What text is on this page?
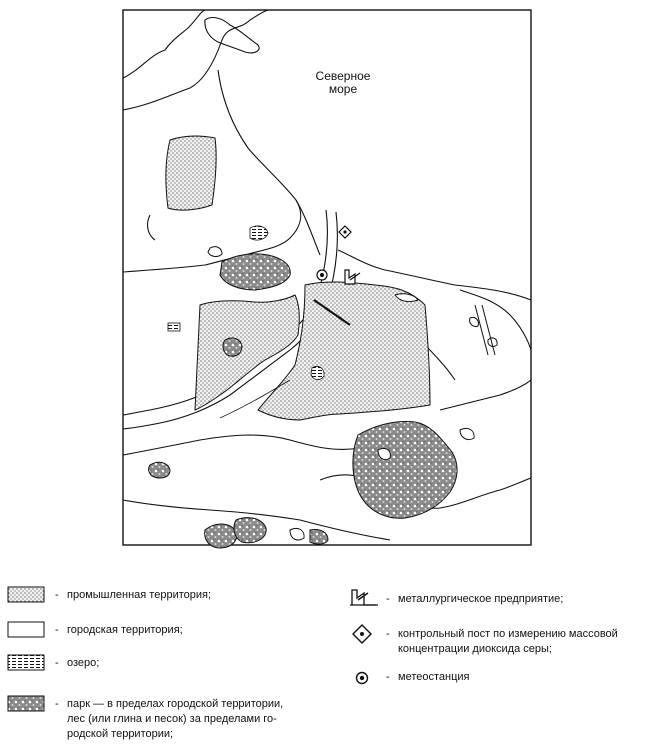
Северное
море
- промышленная территория;
- городская территория;
- озеро;
- парк — в пределах городской территории,
лес (или глина и песок) за пределами го-
родской территории;
- металлургическое предприятие;
- контрольный пост по измерению массовой
концентрации диоксида серы;
- метеостанция
